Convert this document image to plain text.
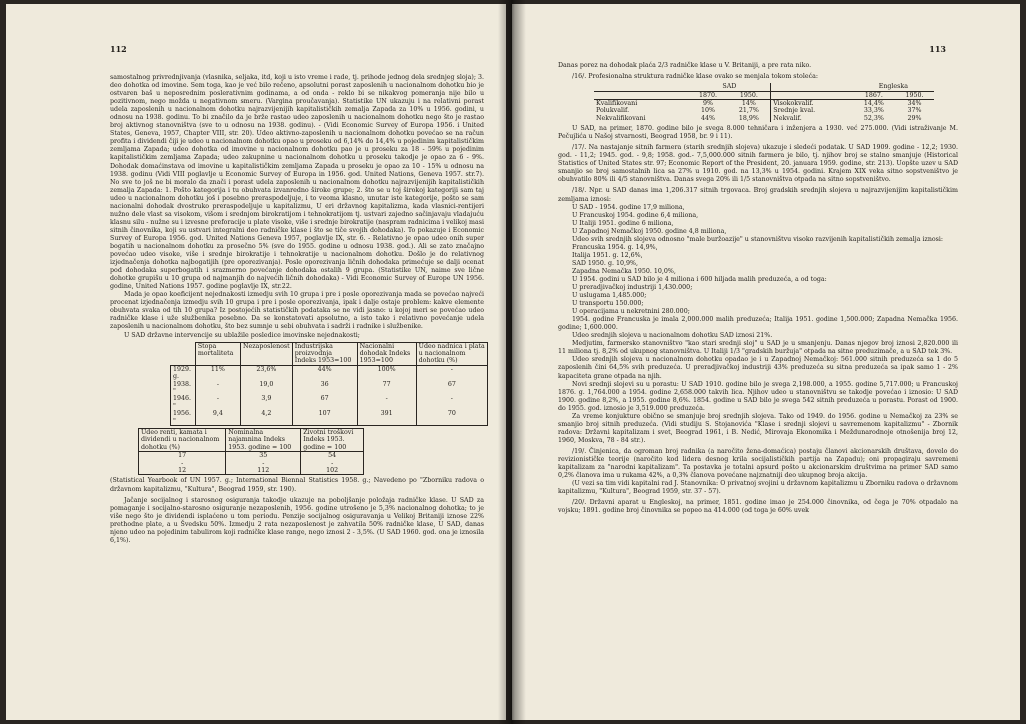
112

samostalnog privrednjivanja (vlasnika, seljaka, itd, koji u isto vreme i rade, tj. prihode jednog dela srednjeg sloja); 3. deo dohotka od imovine. Sem toga, kao je već bilo rečeno, apsolutni porast zaposlenih u nacionalnom dohotku bio je ostvaren baš u neposrednim poslerativnim godinama, a od onda - reklo bi se nikakvog pomeranja nije bilo u pozitivnom, nego možda u negativnom smeru. (Vargina proučavanja). Statistike UN ukazuju i na relativni porast udela zaposlenih u nacionalnom dohotku najrazvijenijih kapitalističkih zemalja Zapada za 10% u 1956. godini, u odnosu na 1938. godinu. To bi značilo da je brže rastao udeo zaposlenih u nacionalnom dohotku nego što je rastao broj aktivnog stanovništva (sve to u odnosu na 1938. godinu). - (Vidi Economic Survey of Europa 1956. i United States, Geneva, 1957, Chapter VIII, str. 20). Udeo aktivno-zaposlenih u nacionalnom dohotku povećao se na račun profita i dividendi čiji je udeo u nacionalnom dohotku opao u proseku od 6,14% do 14,4% u pojedinim kapitalističkim zemljama Zapada; udeo dohotka od imovine u nacionalnom dohotku pao je u proseku za 18 - 59% u pojedinim kapitalističkim zemljama Zapada; udeo zakupnine u nacionalnom dohotku u proseku takodje je opao za 6 - 9%. Dohodak domaćinstava od imovine u kapitalističkim zemljama Zapada u proseku je opao za 10 - 15% u odnosu na 1938. godinu (Vidi VIII poglavlje u Economic Survey of Europa in 1956. god. United Nations, Geneva 1957. str.7). No sve to još ne bi moralo da znači i porast udela zaposlenih u nacionalnom dohotku najrazvijenijih kapitalističkih zemalja Zapada: 1. Pošto kategorija i tu obuhvata izvanredno široke grupe; 2. što se u toj širokoj kategoriji sam taj udeo u nacionalnom dohotku još i posebno preraspodeljuje, i to veoma klasno, unutar iste kategorije, pošto se sam nacionalni dohodak dvostruko preraspodeljuje u kapitalizmu, U eri državnog kapitalizma, kada vlasnici-rentijeri nužno dele vlast sa visokom, višom i srednjom birokratijom i tehnokratijom tj. ustvari zajedno sačinjavaju vladajuću klasnu silu - nužne su i izvesne preforacije u plate visoke, više i srednje birokratije (naspram radnicima i velikoj masi sitnih činovnika, koji su ustvari integralni deo radničke klase i što se tiče svojih dohodaka). To pokazuje i Economic Survey of Europa 1956. god. United Nations Geneva 1957, poglavlje IX, str. 6. - Relativno je opao udeo onih super bogatih u nacionalnom dohotku za prosečno 5% (sve do 1955. godine u odnosu 1938. god.). Ali se zato značajno povećao udeo visoke, više i srednje birokratije i tehnokratije u nacionalnom dohotku. Došlo je do relativnog izjednačenja dohotka najbogatijih (pre oporezivanja). Posle oporezivanja ličnih dohodaka primećuje se dalji ocenat pod dohodaka superbogatih i srazmerno povećanje dohodaka ostalih 9 grupa. (Statistike UN, naime sve lične dohotke grupišu u 10 grupa od najmanjih do najvećih ličnih dohodaka) - Vidi Economic Survey of Europe UN 1956. godine, United Nations 1957. godine poglavlje IX, str.22.

Mada je opao koeficijent nejednakosti izmedju svih 10 grupa i pre i posle oporezivanja mada se povećao najveći procenat izjednačenja izmedju svih 10 grupa i pre i posle oporezivanja, ipak i dalje ostaje problem: kakve elemente obuhvata svaka od tih 10 grupa? Iz postojećih statističkih podataka se ne vidi jasno: u kojoj meri se povećao udeo radničke klase i uže službenika posebno. Da se konstatovati apsolutno, a isto tako i relativno povećanje udela zaposlenih u nacionalnom dohotku, što bez sumnje u sebi obuhvata i sadrži i radnike i službenike.

U SAD državne intervencije su ublažile posledice imovinske nejednakosti;

	Stopa mortaliteta	Nezaposlenost	Industrijska proizvodnja Indeks 1953=100	Nacionalni dohodak Indeks 1953=100	Udeo nadnica i plata u nacionalnom dohotku (%)
1929. g.	11%	23,6%	44%	100%	-
1938. "	-	19,0	36	77	67
1946. "	-	3,9	67	-	-
1956. "	9,4	4,2	107	391	70
Udeo renti, kamata i dividendi u nacionalnom dohotku (%)	Nominalna najamnina Indeks 1953. godine = 100	Životni troškovi Indeks 1953. godine = 100
17	35	54
-	-	-
12	112	102

(Statistical Yearbook of UN 1957. g.; International Biennal Statistics 1958. g.; Navedeno po "Zborniku radova o državnom kapitalizmu, "Kultura", Beograd 1959, str. 190).

Jačanje socijalnog i starosnog osiguranja takodje ukazuje na poboljšanje položaja radničke klase. U SAD za pomaganje i socijalno-starosno osiguranje nezaposlenih, 1956. godine utrošeno je 5,3% nacionalnog dohotka; to je više nego što je dividendi isplaćeno u tom periodu. Penzije socijalnog osiguravanja u Velikoj Britaniji iznose 22% prethodne plate, a u Švedsku 50%. Izmedju 2 rata nezaposlenost je zahvatila 50% radničke klase, U SAD, danas njeno udeo na pojedinim tabulirom koji radničke klase range, nego iznosi 2 - 3,5%. (U SAD 1960. god. ona je iznosila 6,1%).

113

Danas porez na dohodak plaća 2/3 radničke klase u V. Britaniji, a pre rata niko.

/16/. Profesionalna struktura radničke klase ovako se menjala tokom stoleća:

	SAD			Engleska	
	1870.	1950.		1867.	1950.
Kvalifikovani	9%	14%	Visokokvalif.	14,4%	34%
Polukvalif.	10%	21,7%	Srednje kval.	33,3%	37%
Nekvalifikovani	44%	18,9%	Nekvalif.	52,3%	29%

U SAD, na primer, 1870. godine bilo je svega 8.000 tehničara i inženjera a 1930. već 275.000. (Vidi istraživanje M. Pečujlića u Našoj stvarnosti, Beograd 1958, br. 9 i 11).

/17/. Na nastajanje sitnih farmera (starih srednjih slojeva) ukazuje i sledeći podatak. U SAD 1909. godine - 12,2; 1930. god. - 11,2; 1945. god. - 9,8; 1958. god.- 7,5,000.000 sitnih farmera je bilo, tj. njihov broj se stalno smanjuje (Historical Statistics of United States str. 97; Economic Report of the President, 20. januara 1959. godine, str. 213). Uopšte uzev u SAD smanjio se broj samostalnih lica sa 27% u 1910. god. na 13,3% u 1954. godini. Krajem XIX veka sitno sopstveništvo je obuhvatilo 80% ili 4/5 stanovništva. Danas svega 20% ili 1/5 stanovništva otpada na sitno sopstveništvo.

/18/. Npr. u SAD danas ima 1,206.317 sitnih trgovaca. Broj gradskih srednjih slojeva u najrazvijenijim kapitalističkim zemljama iznosi:

U SAD - 1954. godine 17,9 miliona,

U Francuskoj 1954. godine 6,4 miliona,

U Italiji 1951. godine 6 miliona,

U Zapadnoj Nemačkoj 1950. godine 4,8 miliona,

Udeo svih srednjih slojeva odnosno "male buržoazije" u stanovništvu visoko razvijenih kapitalističkih zemalja iznosi:

Francuska 1954. g. 14,9%,

Italija 1951. g. 12,6%,

SAD 1950. g. 10,9%,

Zapadna Nemačka 1950. 10,0%,

U 1954. godini u SAD bilo je 4 miliona i 600 hiljada malih preduzeća, a od toga:

U preradjivačkoj industriji 1,430.000;

U uslugama 1,485.000;

U transportu 150.000;

U operacijama u nekretnini 280.000;

1954. godine Francuska je imala 2,000.000 malih preduzeća; Italija 1951. godine 1,500.000; Zapadna Nemačka 1956. godine; 1,600.000.

Udeo srednjih slojeva u nacionalnom dohotku SAD iznosi 21%.

Medjutim, farmersko stanovništvo "kao stari srednji sloj" u SAD je u smanjenju. Danas njegov broj iznosi 2,820.000 ili 11 miliona tj. 8,2% od ukupnog stanovništva. U Italiji 1/3 "gradskih buržuja" otpada na sitne preduzimače, a u SAD tek 3%.

Udeo srednjih slojeva u nacionalnom dohotku opadao je i u Zapadnoj Nemačkoj: 561.000 sitnih preduzeća sa 1 do 5 zaposlenih čini 64,5% svih preduzeća. U preradjivačkoj industriji 43% preduzeća su sitna preduzeća sa ipak samo 1 - 2% kapaciteta grane otpada na njih.

Novi srednji slojevi su u porastu: U SAD 1910. godine bilo je svega 2,198.000, a 1955. godine 5,717.000; u Francuskoj 1876. g. 1,764.000 a 1954. godine 2,658.000 takvih lica. Njihov udeo u stanovništvu se takodje povećao i iznosio: U SAD 1900. godine 8,2%, a 1955. godine 8,6%. 1854. godine u SAD bilo je svega 542 sitnih preduzeća u porastu. Porast od 1900. do 1955. god. iznosio je 3,519.000 preduzeća.

Za vreme konjukture obično se smanjuje broj srednjih slojeva. Tako od 1949. do 1956. godine u Nemačkoj za 23% se smanjio broj sitnih preduzeća. (Vidi studiju S. Stojanovića "Klase i srednji slojevi u savremenom kapitalizmu" - Zbornik radova: Državni kapitalizam i svet, Beograd 1961, i B. Nedić, Mirovaja Ekonomika i Meždunarodnoje otnošenija broj 12, 1960, Moskva, 78 - 84 str.).

/19/. Činjenica, da ogroman broj radnika (a naročito žena-domaćica) postaju članovi akcionarskih društava, dovelo do revizionističke teorije (naročito kod lidera desnog krila socijalističkih partija na Zapadu); oni propagiraju savremeni kapitalizam za "narodni kapitalizam". Ta postavka je totalni apsurd pošto u akcionarskim društvima na primer SAD samo 0,2% članova ima u rukama 42%, a 0,3% članova povećane najznatniji deo ukupnog broja akcija.

(U vezi sa tim vidi kapitalni rad J. Stanovnika: O privatnoj svojini u državnom kapitalizmu u Zborniku radova o državnom kapitalizmu, "Kultura", Beograd 1959, str. 37 - 57).

/20/. Državni aparat u Engleskoj, na primer, 1851. godine imao je 254.000 činovnika, od čega je 70% otpadalo na vojsku; 1891. godine broj činovnika se popeo na 414.000 (od toga je 60% uvek
